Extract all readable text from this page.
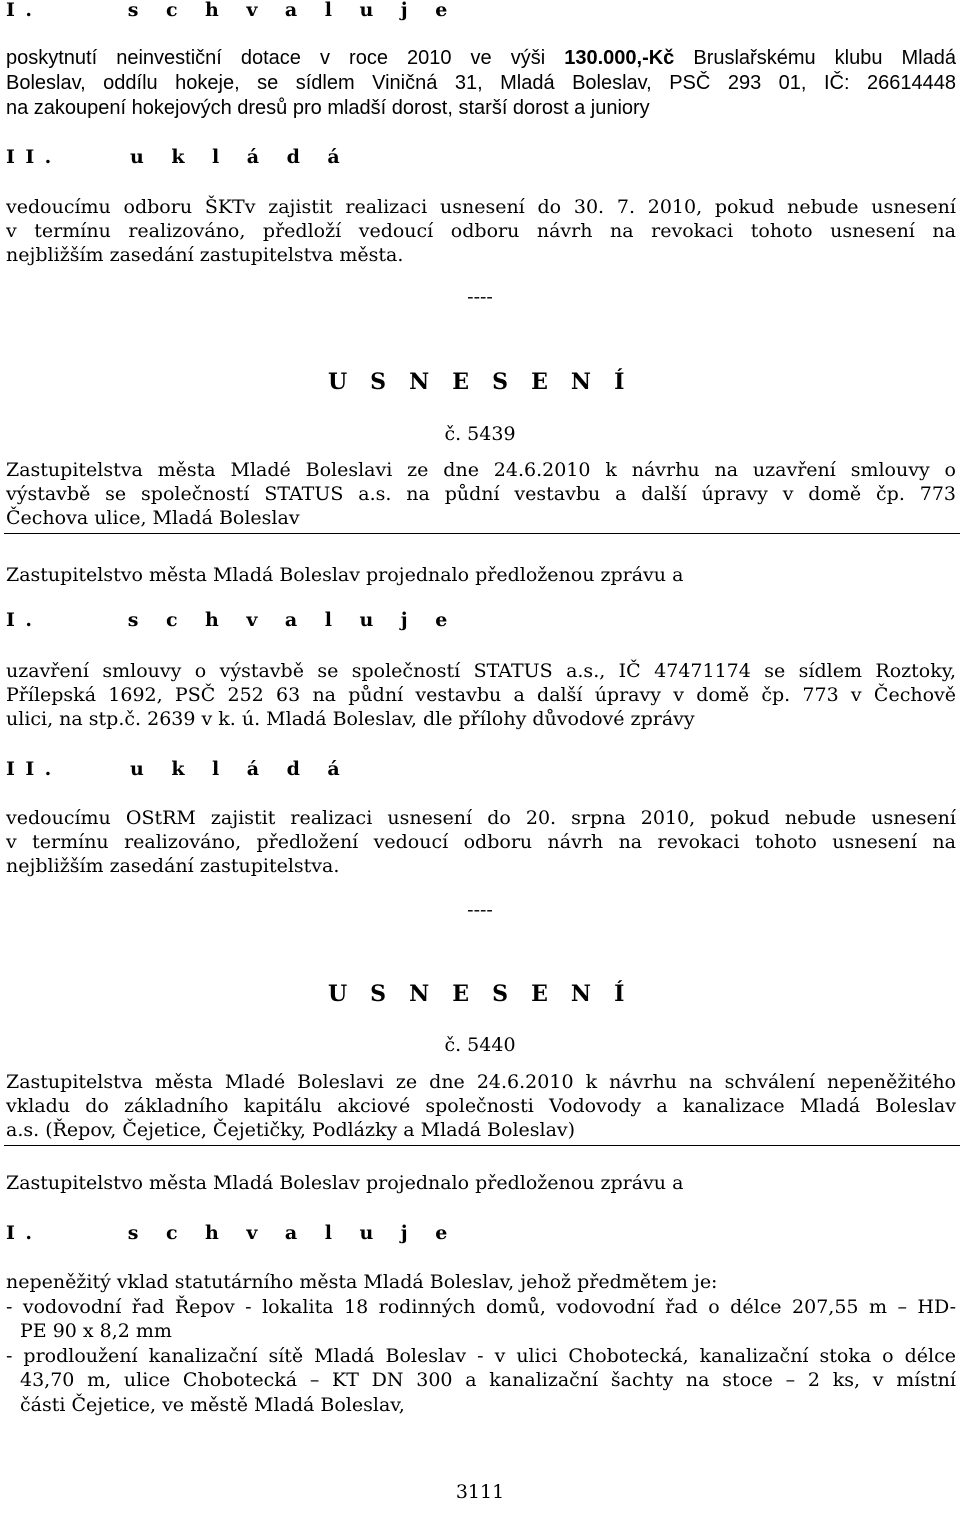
I.	s c h v a l u j e
poskytnutí neinvestiční dotace v roce 2010 ve výši 130.000,-Kč Bruslařskému klubu Mladá
Boleslav, oddílu hokeje, se sídlem Viničná 31, Mladá Boleslav, PSČ 293 01, IČ: 26614448
na zakoupení hokejových dresů pro mladší dorost, starší dorost a juniory
II.	u k l á d á
vedoucímu odboru ŠKTv zajistit realizaci usnesení do 30. 7. 2010, pokud nebude usnesení
v termínu realizováno, předloží vedoucí odboru návrh na revokaci tohoto usnesení na
nejbližším zasedání zastupitelstva města.
----
U S N E S E N Í
č. 5439
Zastupitelstva města Mladé Boleslavi ze dne 24.6.2010 k návrhu na uzavření smlouvy o
výstavbě se společností STATUS a.s. na půdní vestavbu a další úpravy v domě čp. 773
Čechova ulice, Mladá Boleslav
Zastupitelstvo města Mladá Boleslav projednalo předloženou zprávu a
I.	s c h v a l u j e
uzavření smlouvy o výstavbě se společností STATUS a.s., IČ 47471174 se sídlem Roztoky,
Přílepská 1692, PSČ 252 63 na půdní vestavbu a další úpravy v domě čp. 773 v Čechově
ulici, na stp.č. 2639 v k. ú. Mladá Boleslav, dle přílohy důvodové zprávy
II.	u k l á d á
vedoucímu OStRM zajistit realizaci usnesení do 20. srpna 2010, pokud nebude usnesení
v termínu realizováno, předložení vedoucí odboru návrh na revokaci tohoto usnesení na
nejbližším zasedání zastupitelstva.
----
U S N E S E N Í
č. 5440
Zastupitelstva města Mladé Boleslavi ze dne 24.6.2010 k návrhu na schválení nepeněžitého
vkladu do základního kapitálu akciové společnosti Vodovody a kanalizace Mladá Boleslav
a.s. (Řepov, Čejetice, Čejetičky, Podlázky a Mladá Boleslav)
Zastupitelstvo města Mladá Boleslav projednalo předloženou zprávu a
I.	s c h v a l u j e
nepeněžitý vklad statutárního města Mladá Boleslav, jehož předmětem je:
- vodovodní řad Řepov - lokalita 18 rodinných domů, vodovodní řad o délce 207,55 m – HD-
PE 90 x 8,2 mm
- prodloužení kanalizační sítě Mladá Boleslav - v ulici Chobotecká, kanalizační stoka o délce
43,70 m, ulice Chobotecká – KT DN 300 a kanalizační šachty na stoce – 2 ks, v místní
části Čejetice, ve městě Mladá Boleslav,
3111
